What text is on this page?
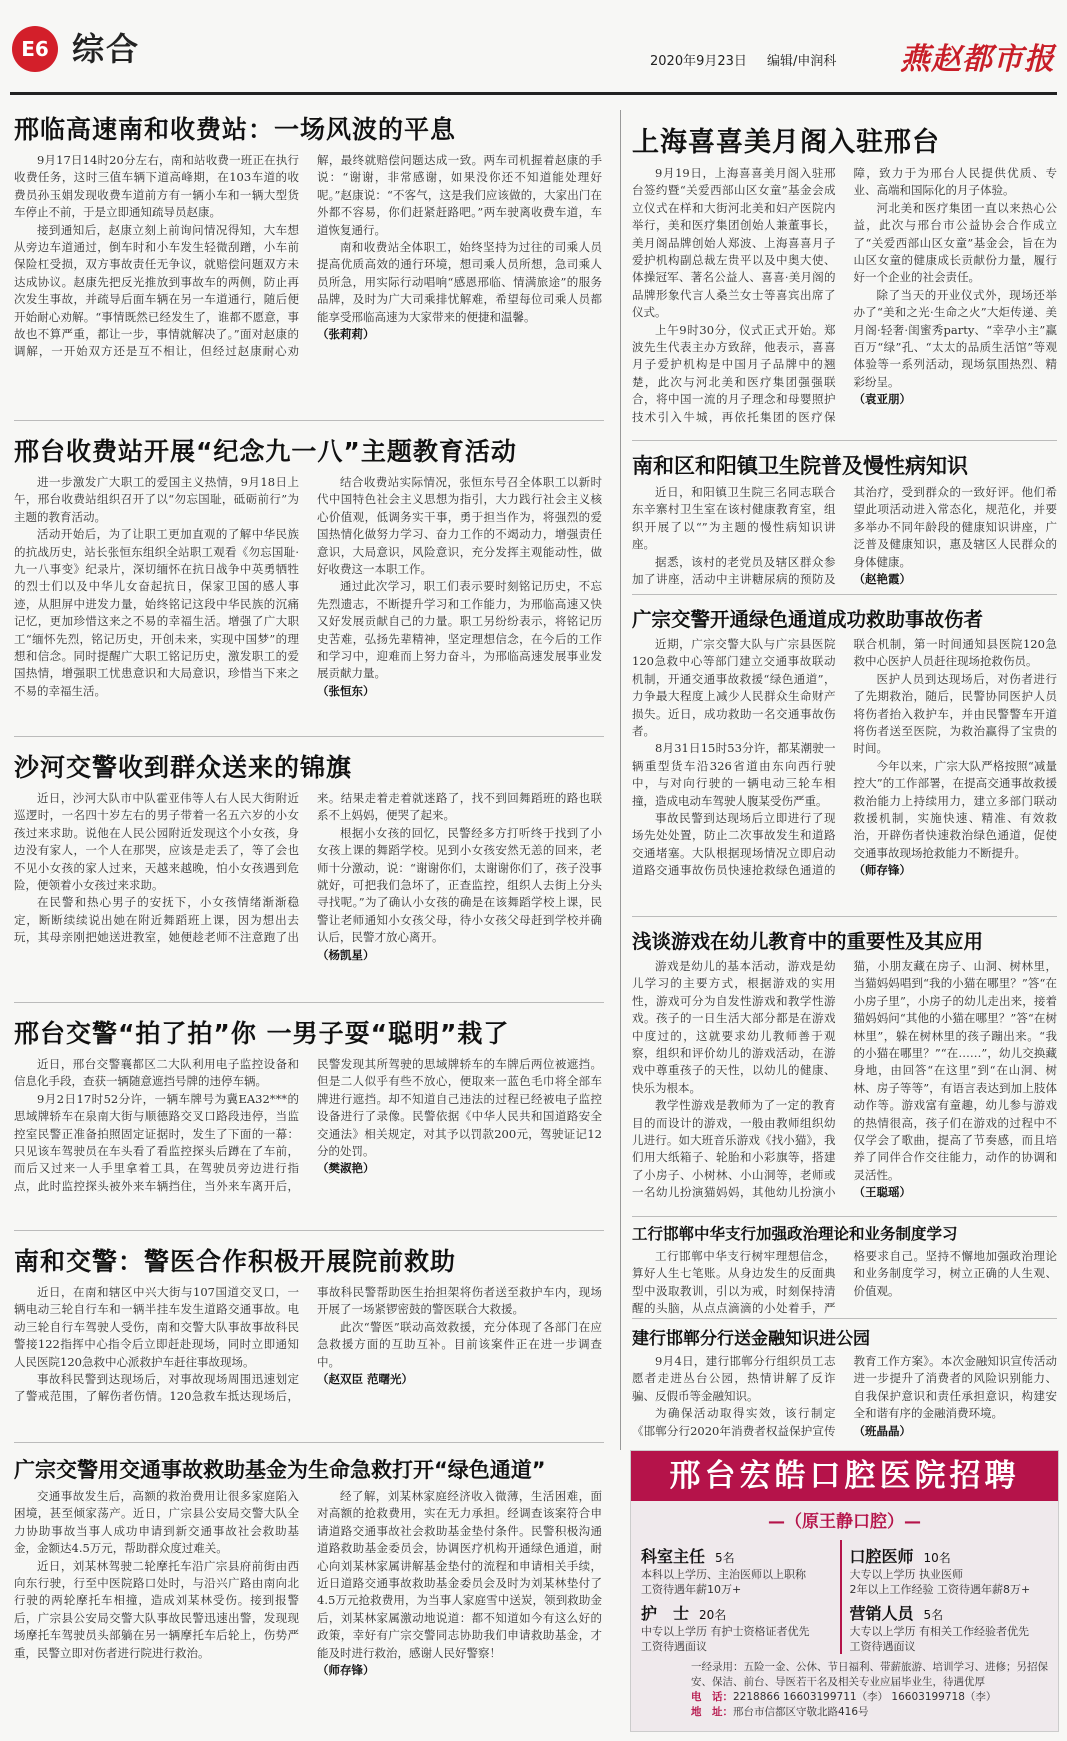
E6 综合	2020年9月23日 编辑/申润科	燕赵都市报
邢临高速南和收费站：一场风波的平息

9月17日14时20分左右，南和站收费一班正在执行收费任务，这时三值车辆下道高峰期，在103车道的收费员孙玉娟发现收费车道前方有一辆小车和一辆大型货车停止不前，于是立即通知疏导员赵康。

接到通知后，赵康立刻上前询问情况得知，大车想从旁边车道通过，倒车时和小车发生轻微刮蹭，小车前保险杠受损，双方事故责任无争议，就赔偿问题双方未达成协议。赵康先把反光推放到事故车的两侧，防止再次发生事故，并疏导后面车辆在另一车道通行，随后便开始耐心劝解。“事情既然已经发生了，谁都不愿意，事故也不算严重，都让一步，事情就解决了。”面对赵康的调解，一开始双方还是互不相让，但经过赵康耐心劝解，最终就赔偿问题达成一致。两车司机握着赵康的手说：“谢谢，非常感谢，如果没你还不知道能处理好呢。”赵康说：“不客气，这是我们应该做的，大家出门在外都不容易，你们赶紧赶路吧。”两车驶离收费车道，车道恢复通行。

南和收费站全体职工，始终坚持为过往的司乘人员提高优质高效的通行环境，想司乘人员所想，急司乘人员所急，用实际行动唱响“感恩邢临、情满旅途”的服务品牌，及时为广大司乘排忧解难，希望每位司乘人员都能享受邢临高速为大家带来的便捷和温馨。

（张莉莉）
邢台收费站开展“纪念九一八”主题教育活动

进一步激发广大职工的爱国主义热情，9月18日上午，邢台收费站组织召开了以“勿忘国耻，砥砺前行”为主题的教育活动。

活动开始后，为了让职工更加直观的了解中华民族的抗战历史，站长张恒东组织全站职工观看《勿忘国耻·九一八事变》纪录片，深切缅怀在抗日战争中英勇牺牲的烈士们以及中华儿女奋起抗日，保家卫国的感人事迹，从胆屏中进发力量，始终铭记这段中华民族的沉痛记忆，更加珍惜这来之不易的幸福生活。增强了广大职工“缅怀先烈，铭记历史，开创未来，实现中国梦”的理想和信念。同时提醒广大职工铭记历史，激发职工的爱国热情，增强职工忧患意识和大局意识，珍惜当下来之不易的幸福生活。

结合收费站实际情况，张恒东号召全体职工以新时代中国特色社会主义思想为指引，大力践行社会主义核心价值观，低调务实干事，勇于担当作为，将强烈的爱国热情化做努力学习、奋力工作的不竭动力，增强责任意识，大局意识，风险意识，充分发挥主观能动性，做好收费这一本职工作。

通过此次学习，职工们表示要时刻铭记历史，不忘先烈遗志，不断提升学习和工作能力，为邢临高速又快又好发展贡献自己的力量。职工另纷纷表示，将铭记历史苦难，弘扬先辈精神，坚定理想信念，在今后的工作和学习中，迎难而上努力奋斗，为邢临高速发展事业发展贡献力量。

（张恒东）
沙河交警收到群众送来的锦旗

近日，沙河大队市中队霍亚伟等人右人民大街附近巡逻时，一名四十岁左右的男子带着一名五六岁的小女孩过来求助。说他在人民公园附近发现这个小女孩，身边没有家人，一个人在那哭，应该是走丢了，等了会也不见小女孩的家人过来，天越来越晚，怕小女孩遇到危险，便领着小女孩过来求助。

在民警和热心男子的安抚下，小女孩情绪渐渐稳定，断断续续说出她在附近舞蹈班上课，因为想出去玩，其母亲刚把她送进教室，她便趁老师不注意跑了出来。结果走着走着就迷路了，找不到回舞蹈班的路也联系不上妈妈，便哭了起来。

根据小女孩的回忆，民警经多方打听终于找到了小女孩上课的舞蹈学校。见到小女孩安然无恙的回来，老师十分激动，说：“谢谢你们，太谢谢你们了，孩子没事就好，可把我们急坏了，正查监控，组织人去街上分头寻找呢。”为了确认小女孩的确是在该舞蹈学校上课，民警让老师通知小女孩父母，待小女孩父母赶到学校并确认后，民警才放心离开。

（杨凯星）
邢台交警“拍了拍”你 一男子耍“聪明”栽了

近日，邢台交警襄都区二大队利用电子监控设备和信息化手段，查获一辆随意遮挡号牌的违停车辆。

9月2日17时52分许，一辆车牌号为冀EA32***的思域牌轿车在泉南大街与顺德路交叉口路段违停，当监控室民警正准备拍照固定证据时，发生了下面的一幕：只见该车驾驶员在车头看了看监控探头后蹲在了车前，而后又过来一人手里拿着工具，在驾驶员旁边进行指点，此时监控探头被外来车辆挡住，当外来车离开后，民警发现其所驾驶的思域牌轿车的车牌后两位被遮挡。但是二人似乎有些不放心，便取来一蓝色毛巾将全部车牌进行遮挡。却不知道自己违法的过程已经被电子监控设备进行了录像。民警依据《中华人民共和国道路安全交通法》相关规定，对其予以罚款200元，驾驶证记12分的处罚。

（樊淑艳）
南和交警：警医合作积极开展院前救助

近日，在南和辖区中兴大街与107国道交叉口，一辆电动三轮自行车和一辆半挂车发生道路交通事故。电动三轮自行车驾驶人受伤，南和交警大队事故事故科民警接122指挥中心指令后立即赶赴现场，同时立即通知人民医院120急救中心派救护车赶往事故现场。

事故科民警到达现场后，对事故现场周围迅速划定了警戒范围，了解伤者伤情。120急救车抵达现场后，事故科民警帮助医生抬担架将伤者送至救护车内，现场开展了一场紧锣密鼓的警医联合大救援。

此次“警医”联动高效救援，充分体现了各部门在应急救援方面的互助互补。目前该案件正在进一步调查中。

（赵双臣 范曙光）
广宗交警用交通事故救助基金为生命急救打开“绿色通道”

交通事故发生后，高额的救治费用让很多家庭陷入困境，甚至倾家荡产。近日，广宗县公安局交警大队全力协助事故当事人成功申请到新交通事故社会救助基金，金额达4.5万元，帮助群众度过难关。

近日，刘某林驾驶二轮摩托车沿广宗县府前街由西向东行驶，行至中医院路口处时，与沿兴广路由南向北行驶的两轮摩托车相撞，造成刘某林受伤。接到报警后，广宗县公安局交警大队事故民警迅速出警，发现现场摩托车驾驶员头部躺在另一辆摩托车后轮上，伤势严重，民警立即对伤者进行院进行救治。

经了解，刘某林家庭经济收入微薄，生活困难，面对高额的抢救费用，实在无力承担。经调查该案符合申请道路交通事故社会救助基金垫付条件。民警积极沟通道路救助基金委员会，协调医疗机构开通绿色通道，耐心向刘某林家属讲解基金垫付的流程和申请相关手续，近日道路交通事故救助基金委员会及时为刘某林垫付了4.5万元抢救费用，为当事人家庭雪中送炭，领到救助金后，刘某林家属激动地说道：都不知道如今有这么好的政策，幸好有广宗交警同志协助我们申请救助基金，才能及时进行救治，感谢人民好警察！

（师存锋）
上海喜喜美月阁入驻邢台

9月19日，上海喜喜美月阁入驻邢台签约暨“关爱西部山区女童”基金会成立仪式在样和大街河北美和妇产医院内举行，美和医疗集团创始人兼董事长，美月阁品牌创始人郑波、上海喜喜月子爱护机构副总裁左贵平以及中奥大使、体操冠军、著名公益人、喜喜·美月阁的品牌形象代言人桑兰女士等喜宾出席了仪式。

上午9时30分，仪式正式开始。郑波先生代表主办方致辞，他表示，喜喜月子爱护机构是中国月子品牌中的翘楚，此次与河北美和医疗集团强强联合，将中国一流的月子理念和母婴照护技术引入牛城，再依托集团的医疗保障，致力于为邢台人民提供优质、专业、高端和国际化的月子体验。

河北美和医疗集团一直以来热心公益，此次与邢台市公益协会合作成立了“关爱西部山区女童”基金会，旨在为山区女童的健康成长贡献份力量，履行好一个企业的社会责任。

除了当天的开业仪式外，现场还举办了“美和之光·生命之火”大炬传递、美月阁·轻奢·闺蜜秀party、“幸孕小主”赢百万“绿”孔、“太太的品质生活馆”等观体验等一系列活动，现场氛围热烈、精彩纷呈。

（袁亚朋）
南和区和阳镇卫生院普及慢性病知识

近日，和阳镇卫生院三名同志联合东辛寨村卫生室在该村健康教育室，组织开展了以“”为主题的慢性病知识讲座。

据悉，该村的老党员及辖区群众参加了讲座，活动中主讲糖尿病的预防及其治疗，受到群众的一致好评。他们希望此项活动进入常态化，规范化，并要多举办不同年龄段的健康知识讲座，广泛普及健康知识，惠及辖区人民群众的身体健康。

（赵艳霞）
广宗交警开通绿色通道成功救助事故伤者

近期，广宗交警大队与广宗县医院120急救中心等部门建立交通事故联动机制，开通交通事故救援“绿色通道”，力争最大程度上减少人民群众生命财产损失。近日，成功救助一名交通事故伤者。

8月31日15时53分许，都某潮驶一辆重型货车沿326省道由东向西行驶中，与对向行驶的一辆电动三轮车相撞，造成电动车驾驶人腹某受伤严重。

事故民警到达现场后立即进行了现场先处处置，防止二次事故发生和道路交通堵塞。大队根据现场情况立即启动道路交通事故伤员快速抢救绿色通道的联合机制，第一时间通知县医院120急救中心医护人员赶往现场抢救伤员。

医护人员到达现场后，对伤者进行了先期救治，随后，民警协同医护人员将伤者抬入救护车，并由民警警车开道将伤者送至医院，为救治赢得了宝贵的时间。

今年以来，广宗大队严格按照“减量控大”的工作部署，在提高交通事故救援救治能力上持续用力，建立多部门联动救援机制，实施快速、精准、有效救治，开辟伤者快速救治绿色通道，促使交通事故现场抢救能力不断提升。

（师存锋）
浅谈游戏在幼儿教育中的重要性及其应用

游戏是幼儿的基本活动，游戏是幼儿学习的主要方式，根据游戏的实用性，游戏可分为自发性游戏和教学性游戏。孩子的一日生活大部分都是在游戏中度过的，这就要求幼儿教师善于观察，组织和评价幼儿的游戏活动，在游戏中尊重孩子的天性，以幼儿的健康、快乐为根本。

教学性游戏是教师为了一定的教育目的而设计的游戏，一般由教师组织幼儿进行。如大班音乐游戏《找小猫》，我们用大纸箱子、轮胎和小彩旗等，搭建了小房子、小树林、小山洞等，老师或一名幼儿扮演猫妈妈，其他幼儿扮演小猫，小朋友藏在房子、山洞、树林里，当猫妈妈唱到“我的小猫在哪里？”答“在小房子里”，小房子的幼儿走出来，接着猫妈妈问“其他的小猫在哪里？”答“在树林里”，躲在树林里的孩子蹦出来。“我的小猫在哪里？”“在……”，幼儿交换藏身地，由回答“在这里”到“在山洞、树林、房子等等”，有语言表达到加上肢体动作等。游戏富有童趣，幼儿参与游戏的热情很高，孩子们在游戏的过程中不仅学会了歌曲，提高了节奏感，而且培养了同伴合作交往能力，动作的协调和灵活性。

（王聪瑶）
工行邯郸中华支行加强政治理论和业务制度学习

工行邯郸中华支行树牢理想信念，算好人生七笔账。从身边发生的反面典型中汲取教训，引以为戒，时刻保持清醒的头脑，从点点滴滴的小处着手，严格要求自己。坚持不懈地加强政治理论和业务制度学习，树立正确的人生观、价值观。

建行邯郸分行送金融知识进公园

9月4日，建行邯郸分行组织员工志愿者走进丛台公园，热情讲解了反诈骗、反假币等金融知识。

为确保活动取得实效，该行制定《邯郸分行2020年消费者权益保护宣传教育工作方案》。本次金融知识宣传活动进一步提升了消费者的风险识别能力、自我保护意识和责任承担意识，构建安全和谐有序的金融消费环境。

（班晶晶）
邢台宏皓口腔医院招聘
—（原王静口腔）—
科室主任 5名
本科以上学历、主治医师以上职称
工资待遇年薪10万+
护　士 20名
中专以上学历 有护士资格证者优先
工资待遇面议
口腔医师 10名
大专以上学历 执业医师
2年以上工作经验 工资待遇年薪8万+
营销人员 5名
大专以上学历 有相关工作经验者优先
工资待遇面议
一经录用：五险一金、公休、节日福利、带薪旅游、培训学习、进修；另招保安、保洁、前台、导医若干名及相关专业应届毕业生，待遇优厚
电　话：2218866 16603199711（李） 16603199718（李）
地　址：邢台市信都区守敬北路416号
